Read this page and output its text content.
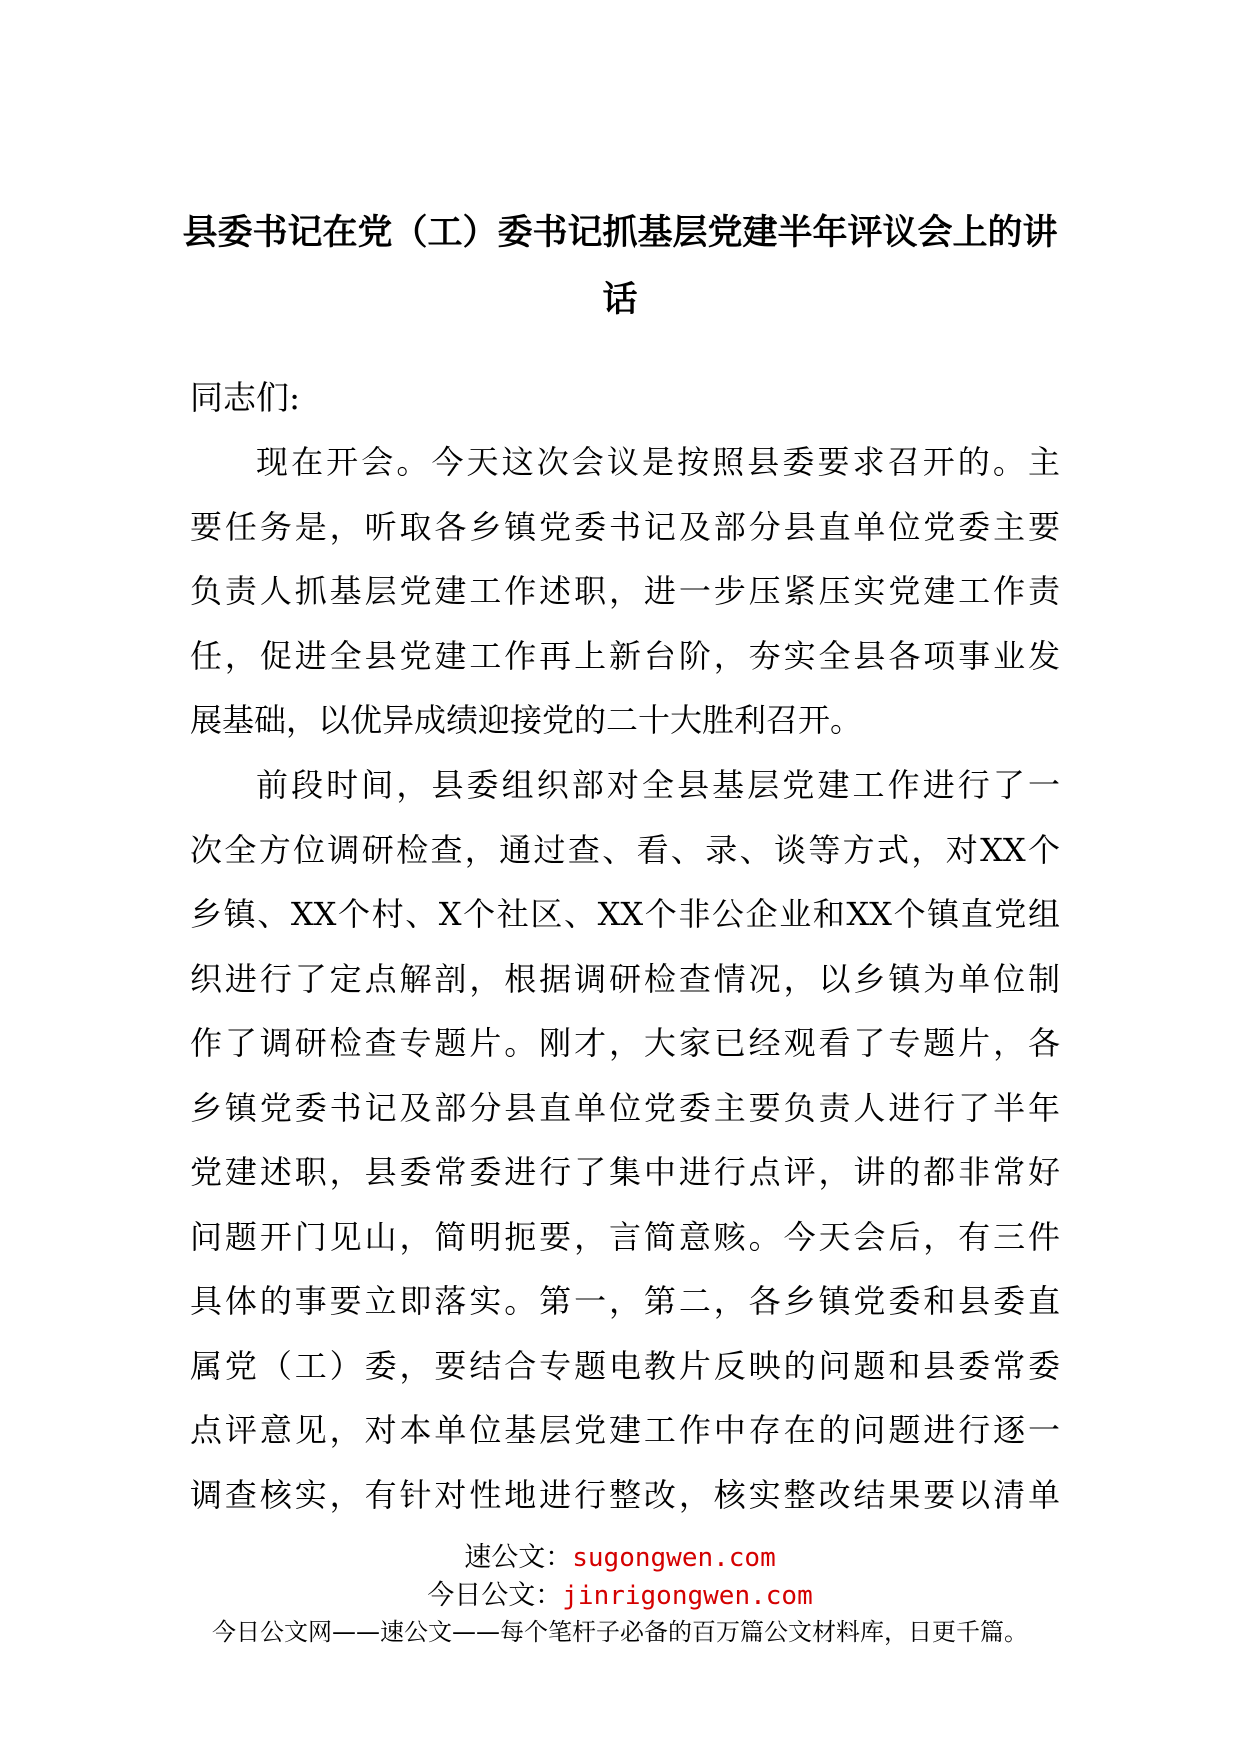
县委书记在党（工）委书记抓基层党建半年评议会上的讲
话

同志们:

现在开会。今天这次会议是按照县委要求召开的。主
要任务是，听取各乡镇党委书记及部分县直单位党委主要
负责人抓基层党建工作述职，进一步压紧压实党建工作责
任，促进全县党建工作再上新台阶，夯实全县各项事业发
展基础，以优异成绩迎接党的二十大胜利召开。

前段时间，县委组织部对全县基层党建工作进行了一
次全方位调研检查，通过查、看、录、谈等方式，对XX个
乡镇、XX个村、X个社区、XX个非公企业和XX个镇直党组
织进行了定点解剖，根据调研检查情况，以乡镇为单位制
作了调研检查专题片。刚才，大家已经观看了专题片，各
乡镇党委书记及部分县直单位党委主要负责人进行了半年
党建述职，县委常委进行了集中进行点评，讲的都非常好
问题开门见山，简明扼要，言简意赅。今天会后，有三件
具体的事要立即落实。第一，第二，各乡镇党委和县委直
属党（工）委，要结合专题电教片反映的问题和县委常委
点评意见，对本单位基层党建工作中存在的问题进行逐一
调查核实，有针对性地进行整改，核实整改结果要以清单

速公文：sugongwen.com
今日公文：jinrigongwen.com
今日公文网——速公文——每个笔杆子必备的百万篇公文材料库，日更千篇。
